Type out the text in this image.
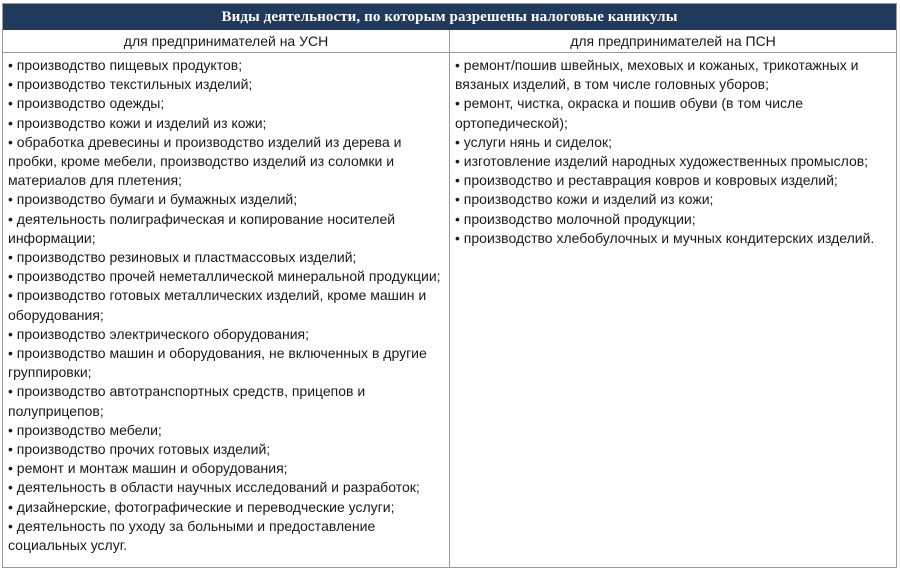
Виды деятельности, по которым разрешены налоговые каникулы
для предпринимателей на УСН	для предпринимателей на ПСН
• производство пищевых продуктов;
• производство текстильных изделий;
• производство одежды;
• производство кожи и изделий из кожи;
• обработка древесины и производство изделий из дерева и пробки, кроме мебели, производство изделий из соломки и материалов для плетения;
• производство бумаги и бумажных изделий;
• деятельность полиграфическая и копирование носителей информации;
• производство резиновых и пластмассовых изделий;
• производство прочей неметаллической минеральной продукции;
• производство готовых металлических изделий, кроме машин и оборудования;
• производство электрического оборудования;
• производство машин и оборудования, не включенных в другие группировки;
• производство автотранспортных средств, прицепов и полуприцепов;
• производство мебели;
• производство прочих готовых изделий;
• ремонт и монтаж машин и оборудования;
• деятельность в области научных исследований и разработок;
• дизайнерские, фотографические и переводческие услуги;
• деятельность по уходу за больными и предоставление социальных услуг.
• ремонт/пошив швейных, меховых и кожаных, трикотажных и вязаных изделий, в том числе головных уборов;
• ремонт, чистка, окраска и пошив обуви (в том числе ортопедической);
• услуги нянь и сиделок;
• изготовление изделий народных художественных промыслов;
• производство и реставрация ковров и ковровых изделий;
• производство кожи и изделий из кожи;
• производство молочной продукции;
• производство хлебобулочных и мучных кондитерских изделий.
